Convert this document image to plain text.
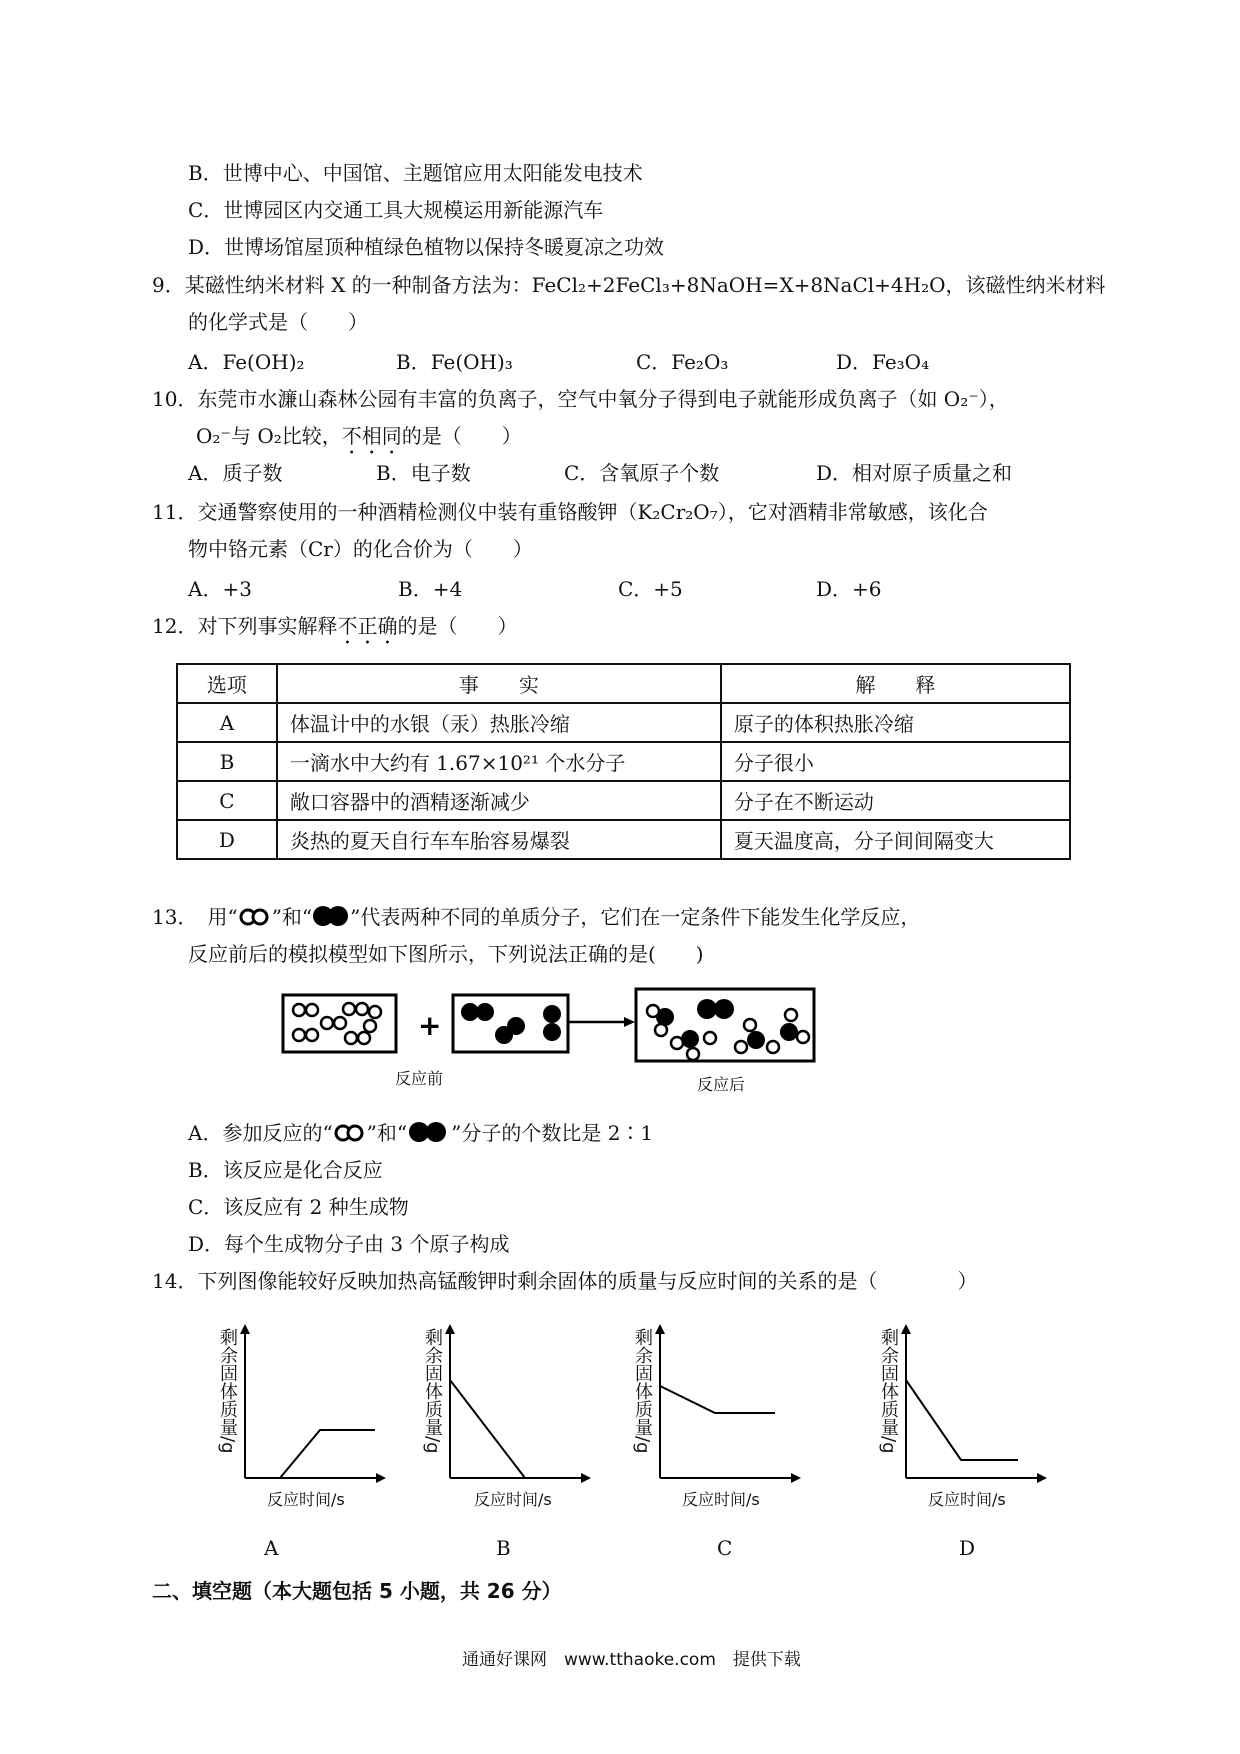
B．世博中心、中国馆、主题馆应用太阳能发电技术
C．世博园区内交通工具大规模运用新能源汽车
D．世博场馆屋顶种植绿色植物以保持冬暖夏凉之功效
9．某磁性纳米材料 X 的一种制备方法为：FeCl₂+2FeCl₃+8NaOH=X+8NaCl+4H₂O，该磁性纳米材料
的化学式是（　　）
A．Fe(OH)₂	B．Fe(OH)₃	C．Fe₂O₃	D．Fe₃O₄
10．东莞市水濂山森林公园有丰富的负离子，空气中氧分子得到电子就能形成负离子（如 O₂⁻），
O₂⁻与 O₂比较，不相同的是（　　）
A．质子数	B．电子数	C．含氧原子个数	D．相对原子质量之和
11．交通警察使用的一种酒精检测仪中装有重铬酸钾（K₂Cr₂O₇），它对酒精非常敏感，该化合
物中铬元素（Cr）的化合价为（　　）
A．+3	B．+4	C．+5	D．+6
12．对下列事实解释不正确的是（　　）
选项	事　　实	解　　释
A	体温计中的水银（汞）热胀冷缩	原子的体积热胀冷缩
B	一滴水中大约有 1.67×10²¹ 个水分子	分子很小
C	敞口容器中的酒精逐渐减少	分子在不断运动
D	炎热的夏天自行车车胎容易爆裂	夏天温度高，分子间间隔变大
13．　用“ ”和“ ”代表两种不同的单质分子，它们在一定条件下能发生化学反应，
反应前后的模拟模型如下图所示，下列说法正确的是(　　)
+
反应前	反应后
A．参加反应的“ ”和“ ”分子的个数比是 2∶1
B．该反应是化合反应
C．该反应有 2 种生成物
D．每个生成物分子由 3 个原子构成
14．下列图像能较好反映加热高锰酸钾时剩余固体的质量与反应时间的关系的是（　　　　）
剩余固体质量/g	剩余固体质量/g	剩余固体质量/g	剩余固体质量/g
反应时间/s	反应时间/s	反应时间/s	反应时间/s
A	B	C	D
二、填空题（本大题包括 5 小题，共 26 分）
通通好课网　www.tthaoke.com　提供下载
